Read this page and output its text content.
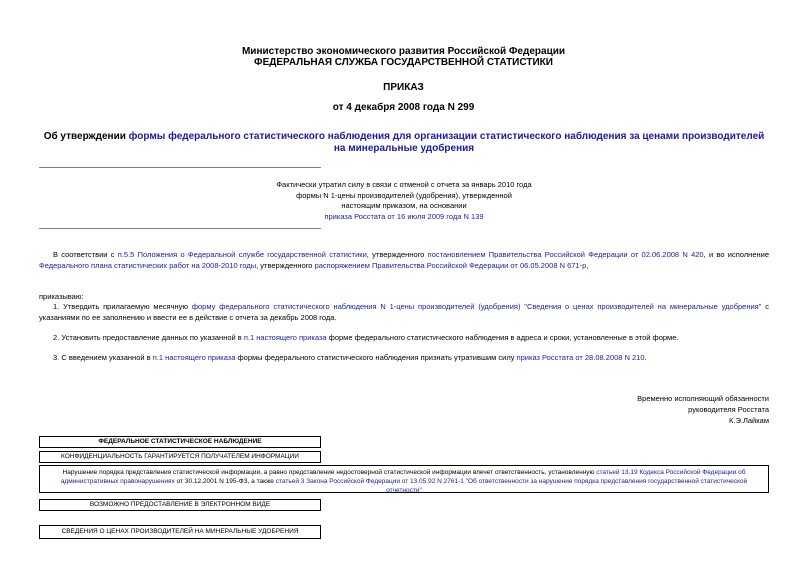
Министерство экономического развития Российской Федерации
ФЕДЕРАЛЬНАЯ СЛУЖБА ГОСУДАРСТВЕННОЙ СТАТИСТИКИ
ПРИКАЗ
от 4 декабря 2008 года N 299
Об утверждении формы федерального статистического наблюдения для организации статистического наблюдения за ценами производителей на минеральные удобрения
Фактически утратил силу в связи с отменой с отчета за январь 2010 года
формы N 1-цены производителей (удобрения), утвержденной
настоящим приказом, на основании
приказа Росстата от 16 июля 2009 года N 139
В соответствии с п.5.5 Положения о Федеральной службе государственной статистики, утвержденного постановлением Правительства Российской Федерации от 02.06.2008 N 420, и во исполнение Федерального плана статистических работ на 2008-2010 годы, утвержденного распоряжением Правительства Российской Федерации от 06.05.2008 N 671-р,
приказываю:
1. Утвердить прилагаемую месячную форму федерального статистического наблюдения N 1-цены производителей (удобрения) "Сведения о ценах производителей на минеральные удобрения" с указаниями по ее заполнению и ввести ее в действие с отчета за декабрь 2008 года.
2. Установить предоставление данных по указанной в п.1 настоящего приказа форме федерального статистического наблюдения в адреса и сроки, установленные в этой форме.
3. С введением указанной в п.1 настоящего приказа формы федерального статистического наблюдения признать утратившим силу приказ Росстата от 28.08.2008 N 210.
Временно исполняющий обязанности
руководителя Росстата
К.Э.Лайкам
ФЕДЕРАЛЬНОЕ СТАТИСТИЧЕСКОЕ НАБЛЮДЕНИЕ
КОНФИДЕНЦИАЛЬНОСТЬ ГАРАНТИРУЕТСЯ ПОЛУЧАТЕЛЕМ ИНФОРМАЦИИ
Нарушение порядка представления статистической информации, а равно представление недостоверной статистической информации влечет ответственность, установленную статьей 13.19 Кодекса Российской Федерации об административных правонарушениях от 30.12.2001 N 195-ФЗ, а также статьей 3 Закона Российской Федерации от 13.05.92 N 2761-1 "Об ответственности за нарушение порядка представления государственной статистической отчетности"
ВОЗМОЖНО ПРЕДОСТАВЛЕНИЕ В ЭЛЕКТРОННОМ ВИДЕ
СВЕДЕНИЯ О ЦЕНАХ ПРОИЗВОДИТЕЛЕЙ НА МИНЕРАЛЬНЫЕ УДОБРЕНИЯ
